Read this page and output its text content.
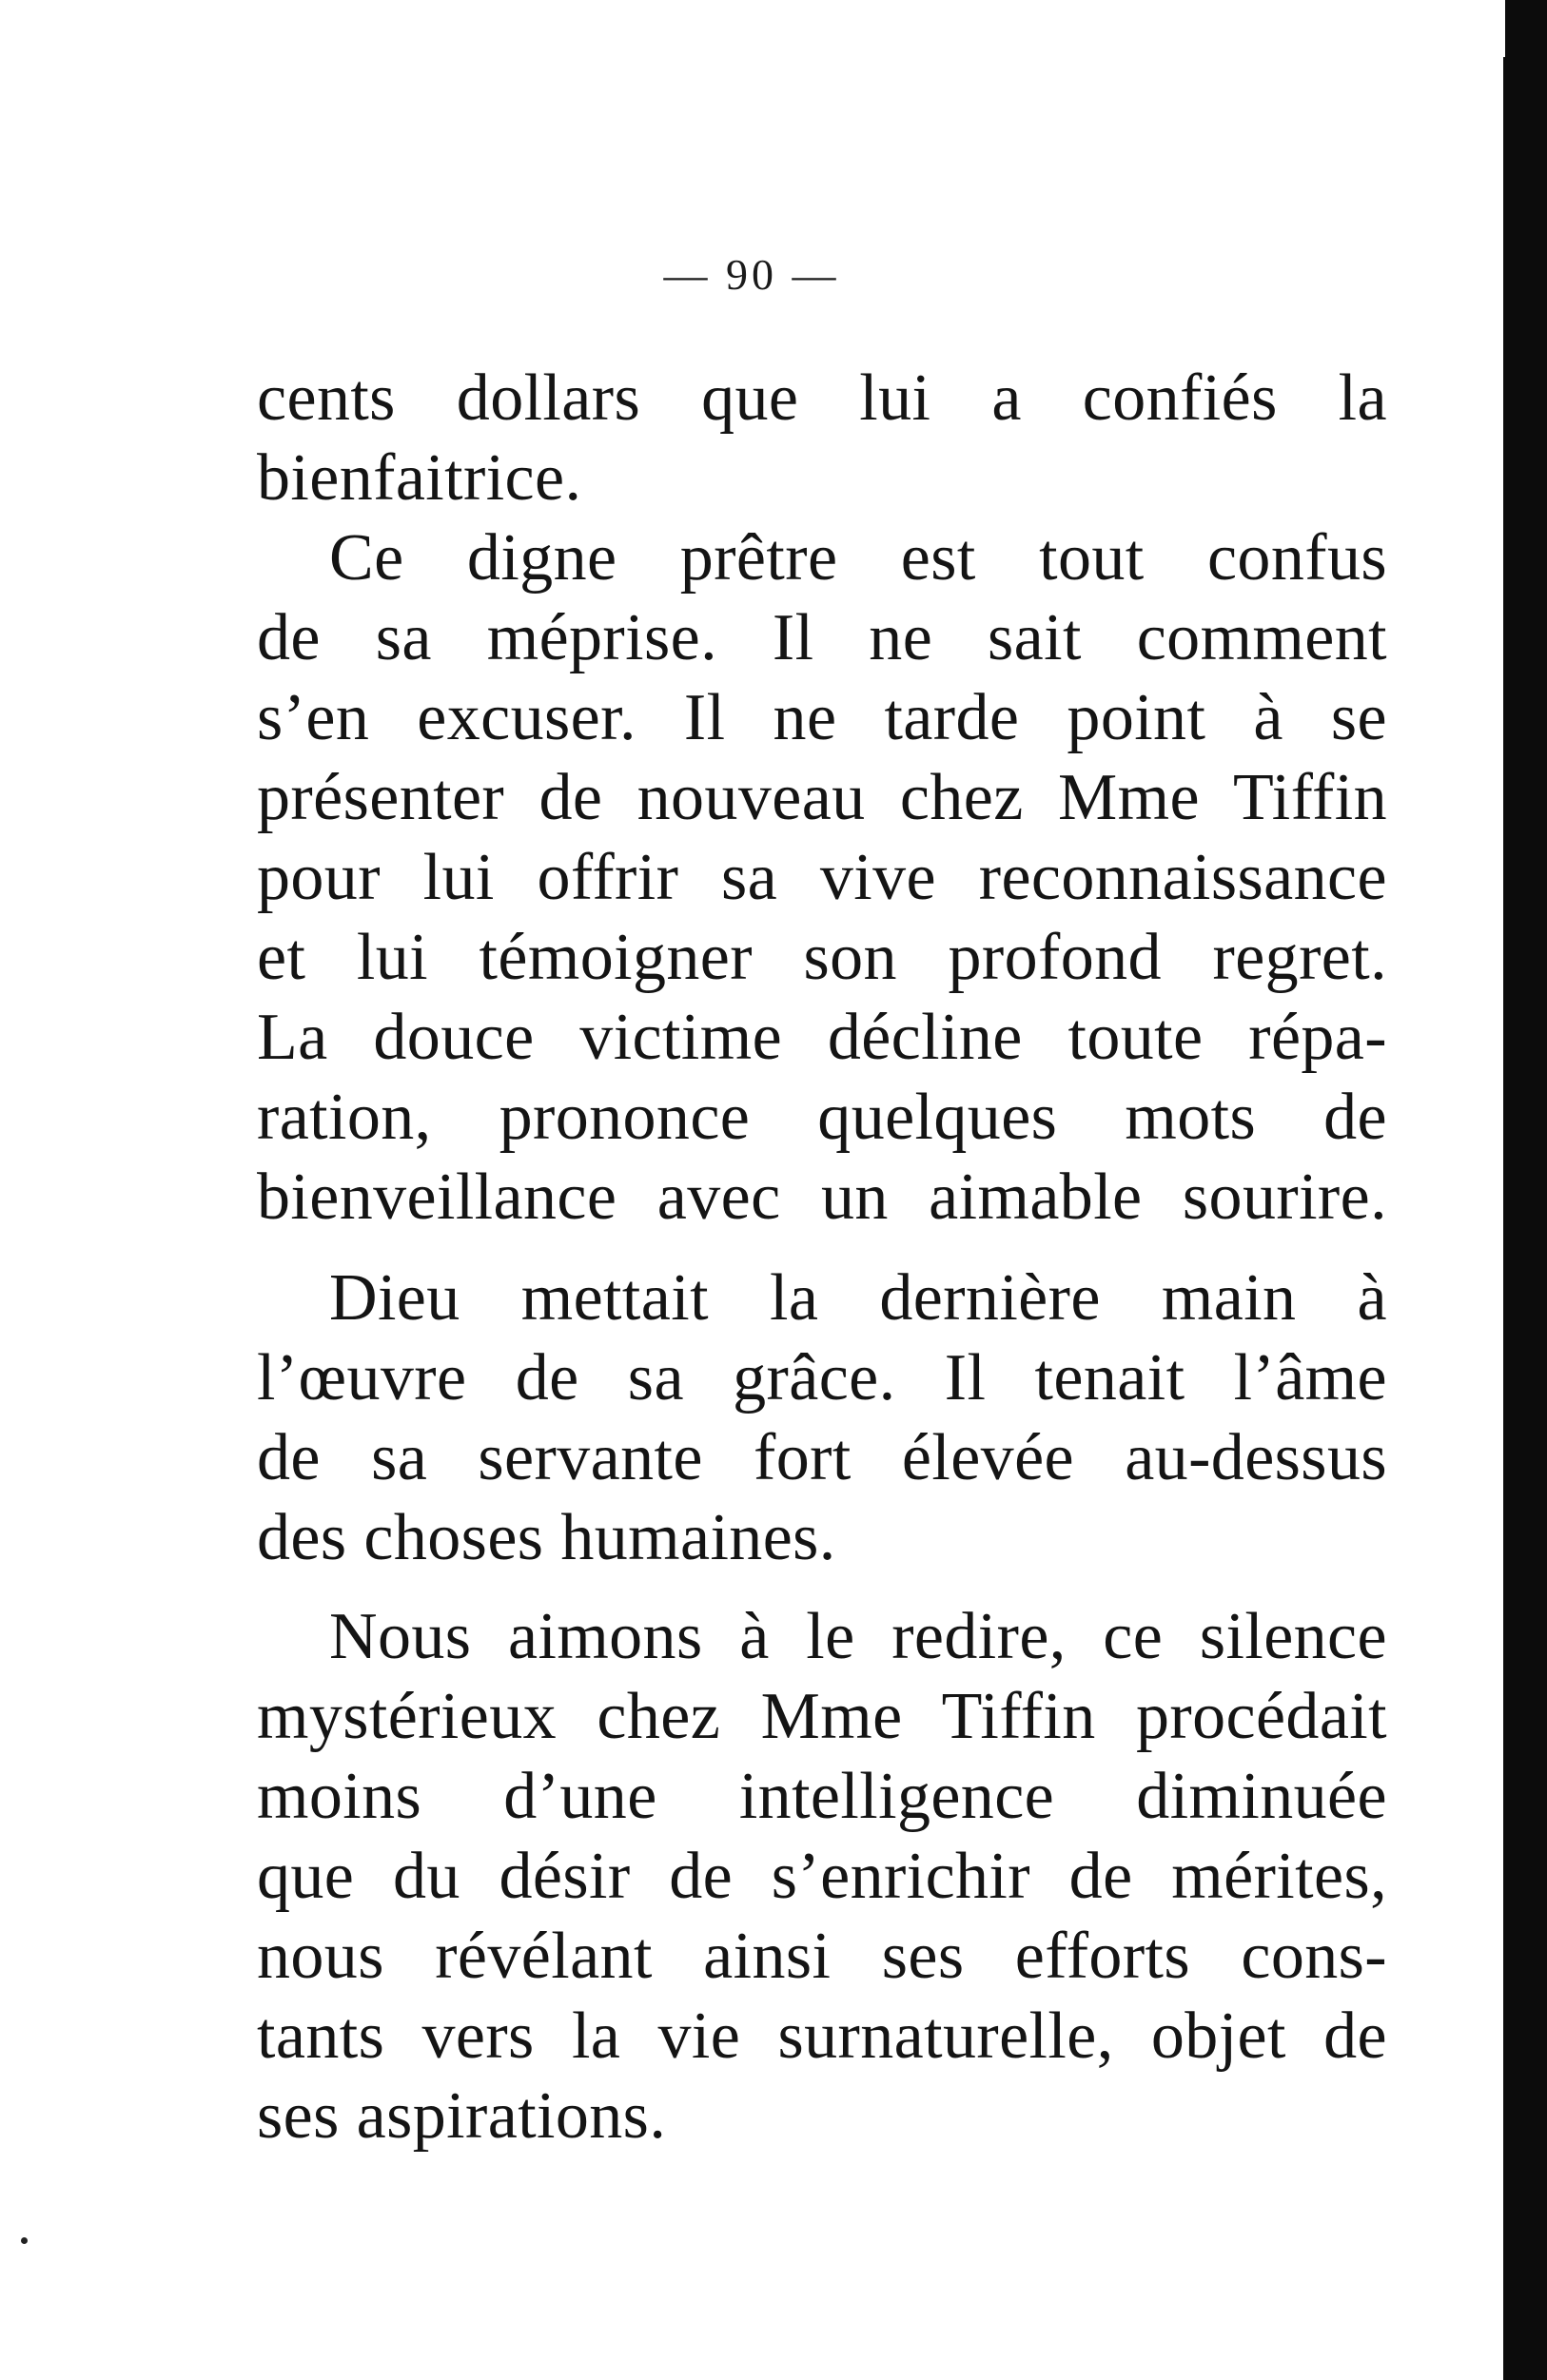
— 90 —
cents dollars que lui a confiés la
bienfaitrice.
Ce digne prêtre est tout confus
de sa méprise. Il ne sait comment
s’en excuser. Il ne tarde point à se
présenter de nouveau chez Mme Tiffin
pour lui offrir sa vive reconnaissance
et lui témoigner son profond regret.
La douce victime décline toute répa-
ration, prononce quelques mots de
bienveillance avec un aimable sourire.
Dieu mettait la dernière main à
l’œuvre de sa grâce. Il tenait l’âme
de sa servante fort élevée au-dessus
des choses humaines.
Nous aimons à le redire, ce silence
mystérieux chez Mme Tiffin procédait
moins d’une intelligence diminuée
que du désir de s’enrichir de mérites,
nous révélant ainsi ses efforts cons-
tants vers la vie surnaturelle, objet de
ses aspirations.
